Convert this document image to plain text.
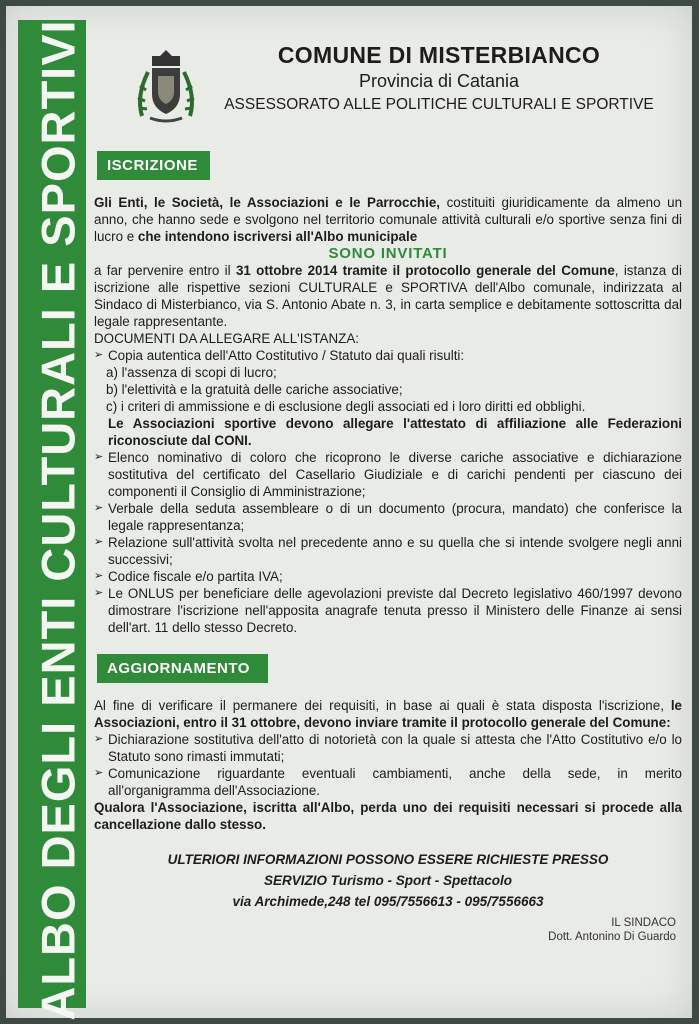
ALBO DEGLI ENTI CULTURALI E SPORTIVI	COMUNE DI MISTERBIANCO
Provincia di Catania
ASSESSORATO ALLE POLITICHE CULTURALI E SPORTIVE
ISCRIZIONE

Gli Enti, le Società, le Associazioni e le Parrocchie, costituiti giuridicamente da almeno un anno, che hanno sede e svolgono nel territorio comunale attività culturali e/o sportive senza fini di lucro e che intendono iscriversi all'Albo municipale

SONO INVITATI

a far pervenire entro il 31 ottobre 2014 tramite il protocollo generale del Comune, istanza di iscrizione alle rispettive sezioni CULTURALE e SPORTIVA dell'Albo comunale, indirizzata al Sindaco di Misterbianco, via S. Antonio Abate n. 3, in carta semplice e debitamente sottoscritta dal legale rappresentante.

DOCUMENTI DA ALLEGARE ALL'ISTANZA:
➢ Copia autentica dell'Atto Costitutivo / Statuto dai quali risulti:
a) l'assenza di scopi di lucro;
b) l'elettività e la gratuità delle cariche associative;
c) i criteri di ammissione e di esclusione degli associati ed i loro diritti ed obblighi.

Le Associazioni sportive devono allegare l'attestato di affiliazione alle Federazioni riconosciute dal CONI.

➢ Elenco nominativo di coloro che ricoprono le diverse cariche associative e dichiarazione sostitutiva del certificato del Casellario Giudiziale e di carichi pendenti per ciascuno dei componenti il Consiglio di Amministrazione;
➢ Verbale della seduta assembleare o di un documento (procura, mandato) che conferisce la legale rappresentanza;
➢ Relazione sull'attività svolta nel precedente anno e su quella che si intende svolgere negli anni successivi;
➢ Codice fiscale e/o partita IVA;
➢ Le ONLUS per beneficiare delle agevolazioni previste dal Decreto legislativo 460/1997 devono dimostrare l'iscrizione nell'apposita anagrafe tenuta presso il Ministero delle Finanze ai sensi dell'art. 11 dello stesso Decreto.
AGGIORNAMENTO

Al fine di verificare il permanere dei requisiti, in base ai quali è stata disposta l'iscrizione, le Associazioni, entro il 31 ottobre, devono inviare tramite il protocollo generale del Comune:

➢ Dichiarazione sostitutiva dell'atto di notorietà con la quale si attesta che l'Atto Costitutivo e/o lo Statuto sono rimasti immutati;
➢ Comunicazione riguardante eventuali cambiamenti, anche della sede, in merito all'organigramma dell'Associazione.

Qualora l'Associazione, iscritta all'Albo, perda uno dei requisiti necessari si procede alla cancellazione dallo stesso.

ULTERIORI INFORMAZIONI POSSONO ESSERE RICHIESTE PRESSO
SERVIZIO Turismo - Sport - Spettacolo
via Archimede,248 tel 095/7556613 - 095/7556663
IL SINDACO
Dott. Antonino Di Guardo
